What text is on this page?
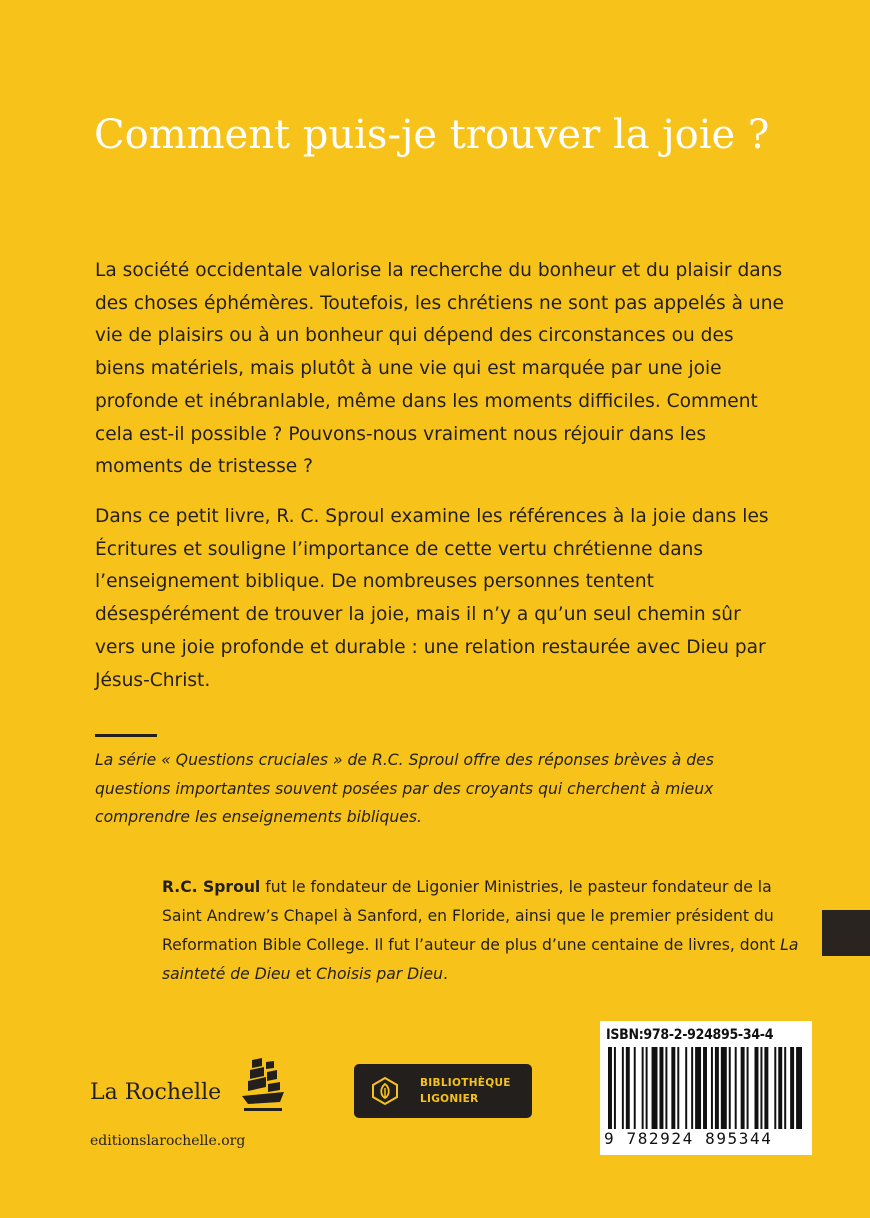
Comment puis-je trouver la joie ?

La société occidentale valorise la recherche du bonheur et du plaisir dans des choses éphémères. Toutefois, les chrétiens ne sont pas appelés à une vie de plaisirs ou à un bonheur qui dépend des circonstances ou des biens matériels, mais plutôt à une vie qui est marquée par une joie profonde et inébranlable, même dans les moments difficiles. Comment cela est-il possible ? Pouvons-nous vraiment nous réjouir dans les moments de tristesse ?

Dans ce petit livre, R. C. Sproul examine les références à la joie dans les Écritures et souligne l’importance de cette vertu chrétienne dans l’enseignement biblique. De nombreuses personnes tentent désespérément de trouver la joie, mais il n’y a qu’un seul chemin sûr vers une joie profonde et durable : une relation restaurée avec Dieu par Jésus-Christ.

La série « Questions cruciales » de R.C. Sproul offre des réponses brèves à des questions importantes souvent posées par des croyants qui cherchent à mieux comprendre les enseignements bibliques.

R.C. Sproul fut le fondateur de Ligonier Ministries, le pasteur fondateur de la Saint Andrew’s Chapel à Sanford, en Floride, ainsi que le premier président du Reformation Bible College. Il fut l’auteur de plus d’une centaine de livres, dont La sainteté de Dieu et Choisis par Dieu.

La Rochelle
editionslarochelle.org
BIBLIOTHÈQUE
LIGONIER
ISBN:978-2-924895-34-4
9 782924 895344
